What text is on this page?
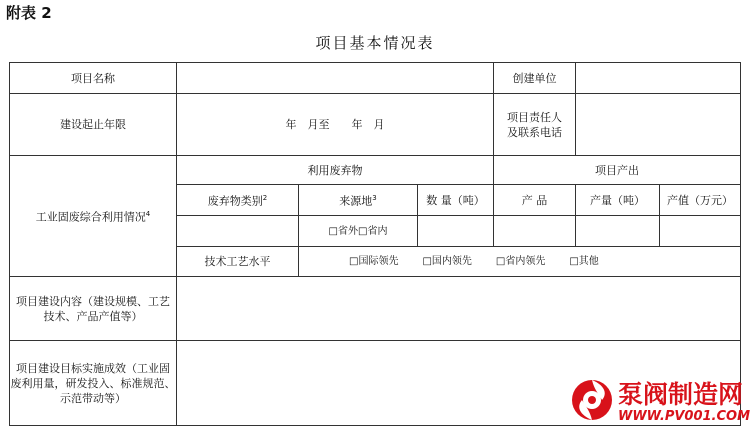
附表 2
项目基本情况表
项目名称				创建单位		
建设起止年限	年　月至　　年　月			项目责任人
及联系电话		

工业固废综合利用情况$^4$	利用废弃物			项目产出		
	废弃物类别$^2$	来源地$^3$	数 量（吨）	产 品	产量（吨）	产值（万元）
		□省外□省内				
	技术工艺水平	□国际领先 □国内领先 □省内领先 □其他				

项目建设内容（建设规模、工艺
技术、产品产值等）						

项目建设目标实施成效（工业固
废利用量，研发投入、标准规范、
示范带动等）						
		泵阀制造网
WWW.PV001.COM
